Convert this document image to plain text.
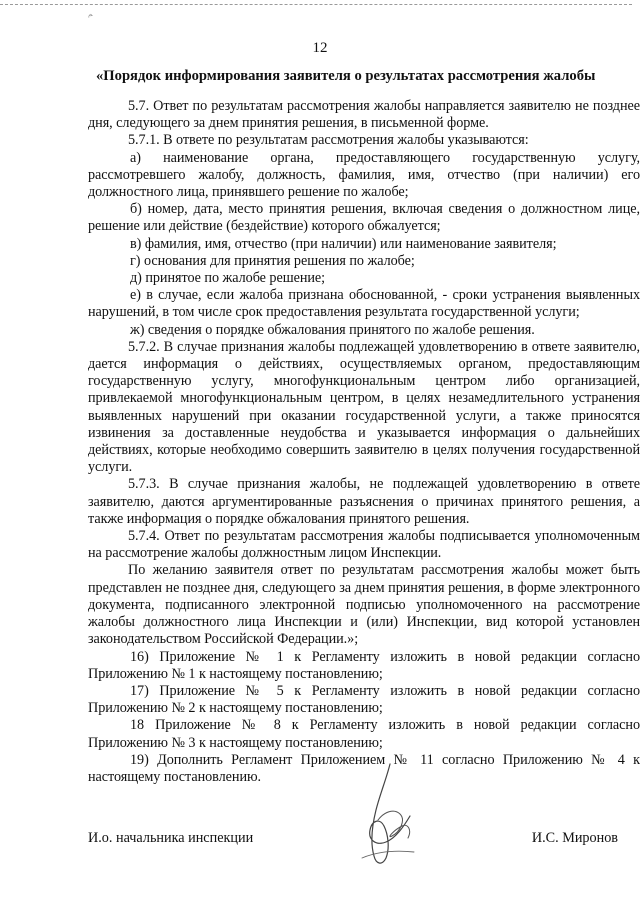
ﻢ
12
«Порядок информирования заявителя о результатах рассмотрения жалобы

5.7. Ответ по результатам рассмотрения жалобы направляется заявителю не позднее дня, следующего за днем принятия решения, в письменной форме.

5.7.1. В ответе по результатам рассмотрения жалобы указываются:

а) наименование органа, предоставляющего государственную услугу, рассмотревшего жалобу, должность, фамилия, имя, отчество (при наличии) его должностного лица, принявшего решение по жалобе;

б) номер, дата, место принятия решения, включая сведения о должностном лице, решение или действие (бездействие) которого обжалуется;

в) фамилия, имя, отчество (при наличии) или наименование заявителя;

г) основания для принятия решения по жалобе;

д) принятое по жалобе решение;

е) в случае, если жалоба признана обоснованной, - сроки устранения выявленных нарушений, в том числе срок предоставления результата государственной услуги;

ж) сведения о порядке обжалования принятого по жалобе решения.

5.7.2. В случае признания жалобы подлежащей удовлетворению в ответе заявителю, дается информация о действиях, осуществляемых органом, предоставляющим государственную услугу, многофункциональным центром либо организацией, привлекаемой многофункциональным центром, в целях незамедлительного устранения выявленных нарушений при оказании государственной услуги, а также приносятся извинения за доставленные неудобства и указывается информация о дальнейших действиях, которые необходимо совершить заявителю в целях получения государственной услуги.

5.7.3. В случае признания жалобы, не подлежащей удовлетворению в ответе заявителю, даются аргументированные разъяснения о причинах принятого решения, а также информация о порядке обжалования принятого решения.

5.7.4. Ответ по результатам рассмотрения жалобы подписывается уполномоченным на рассмотрение жалобы должностным лицом Инспекции.

По желанию заявителя ответ по результатам рассмотрения жалобы может быть представлен не позднее дня, следующего за днем принятия решения, в форме электронного документа, подписанного электронной подписью уполномоченного на рассмотрение жалобы должностного лица Инспекции и (или) Инспекции, вид которой установлен законодательством Российской Федерации.»;

16) Приложение № 1 к Регламенту изложить в новой редакции согласно Приложению № 1 к настоящему постановлению;

17) Приложение № 5 к Регламенту изложить в новой редакции согласно Приложению № 2 к настоящему постановлению;

18 Приложение № 8 к Регламенту изложить в новой редакции согласно Приложению № 3 к настоящему постановлению;

19) Дополнить Регламент Приложением № 11 согласно Приложению № 4 к настоящему постановлению.

И.о. начальника инспекции	И.С. Миронов
